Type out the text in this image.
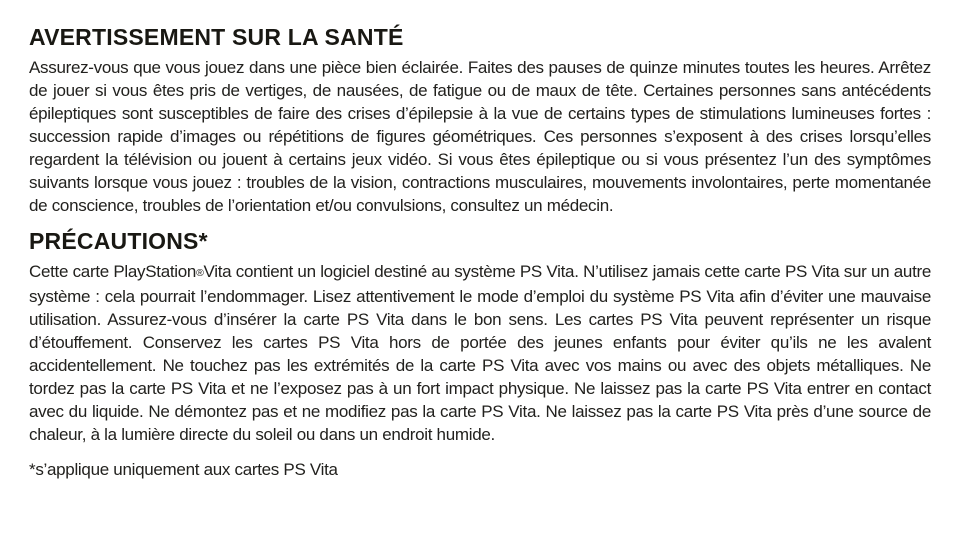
AVERTISSEMENT SUR LA SANTÉ

Assurez-vous que vous jouez dans une pièce bien éclairée. Faites des pauses de quinze minutes toutes les heures. Arrêtez de jouer si vous êtes pris de vertiges, de nausées, de fatigue ou de maux de tête. Certaines personnes sans antécédents épileptiques sont susceptibles de faire des crises d’épilepsie à la vue de certains types de stimulations lumineuses fortes : succession rapide d’images ou répétitions de figures géométriques. Ces personnes s’exposent à des crises lorsqu’elles regardent la télévision ou jouent à certains jeux vidéo. Si vous êtes épileptique ou si vous présentez l’un des symptômes suivants lorsque vous jouez : troubles de la vision, contractions musculaires, mouvements involontaires, perte momentanée de conscience, troubles de l’orientation et/ou convulsions, consultez un médecin.

PRÉCAUTIONS*

Cette carte PlayStation®Vita contient un logiciel destiné au système PS Vita. N’utilisez jamais cette carte PS Vita sur un autre système : cela pourrait l’endommager. Lisez attentivement le mode d’emploi du système PS Vita afin d’éviter une mauvaise utilisation. Assurez-vous d’insérer la carte PS Vita dans le bon sens. Les cartes PS Vita peuvent représenter un risque d’étouffement. Conservez les cartes PS Vita hors de portée des jeunes enfants pour éviter qu’ils ne les avalent accidentellement. Ne touchez pas les extrémités de la carte PS Vita avec vos mains ou avec des objets métalliques. Ne tordez pas la carte PS Vita et ne l’exposez pas à un fort impact physique. Ne laissez pas la carte PS Vita entrer en contact avec du liquide. Ne démontez pas et ne modifiez pas la carte PS Vita. Ne laissez pas la carte PS Vita près d’une source de chaleur, à la lumière directe du soleil ou dans un endroit humide.

*s’applique uniquement aux cartes PS Vita
